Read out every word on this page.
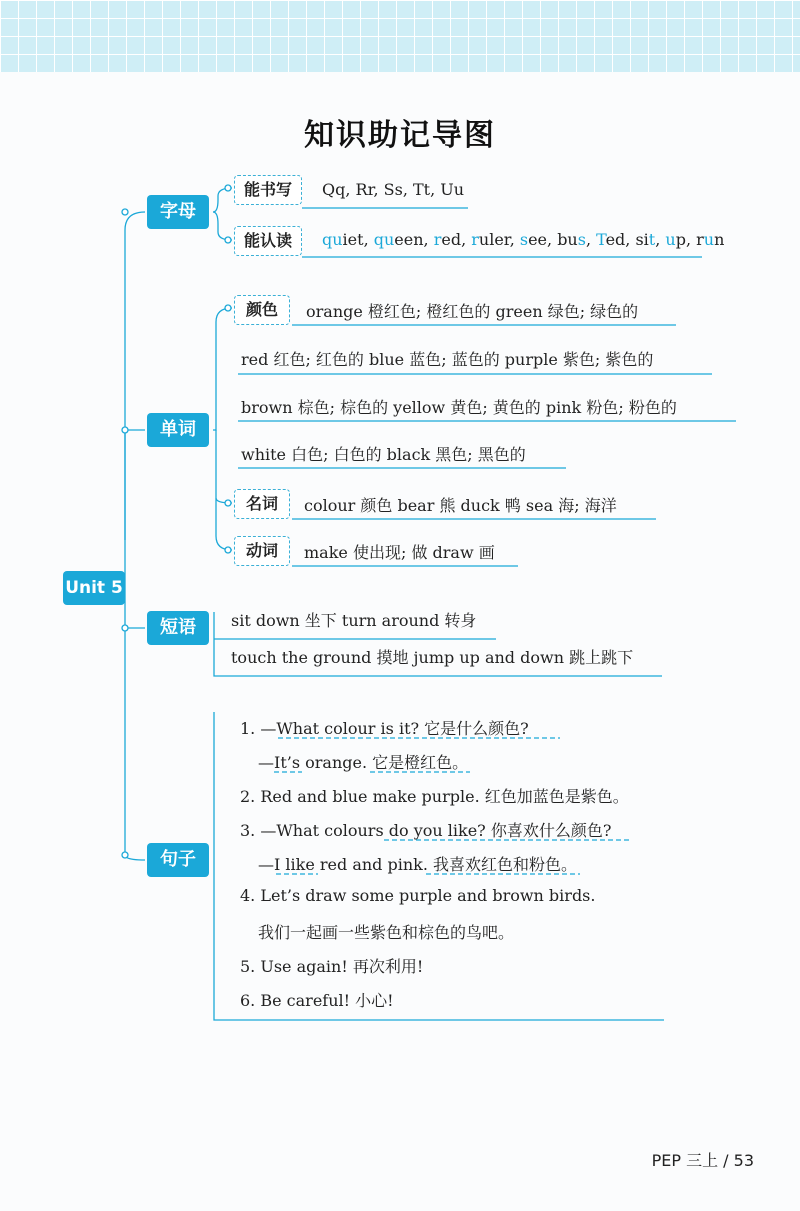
知识助记导图
Unit 5
字母
单词
短语
句子
能书写	Qq, Rr, Ss, Tt, Uu
能认读	quiet, queen, red, ruler, see, bus, Ted, sit, up, run
颜色	orange 橙红色; 橙红色的 green 绿色; 绿色的
red 红色; 红色的 blue 蓝色; 蓝色的 purple 紫色; 紫色的
brown 棕色; 棕色的 yellow 黄色; 黄色的 pink 粉色; 粉色的
white 白色; 白色的 black 黑色; 黑色的
名词	colour 颜色 bear 熊 duck 鸭 sea 海; 海洋
动词	make 使出现; 做 draw 画
sit down 坐下 turn around 转身
touch the ground 摸地 jump up and down 跳上跳下
1. —What colour is it? 它是什么颜色?
—It’s orange. 它是橙红色。
2. Red and blue make purple. 红色加蓝色是紫色。
3. —What colours do you like? 你喜欢什么颜色?
—I like red and pink. 我喜欢红色和粉色。
4. Let’s draw some purple and brown birds.
我们一起画一些紫色和棕色的鸟吧。
5. Use again! 再次利用!
6. Be careful! 小心!
PEP 三上 / 53
